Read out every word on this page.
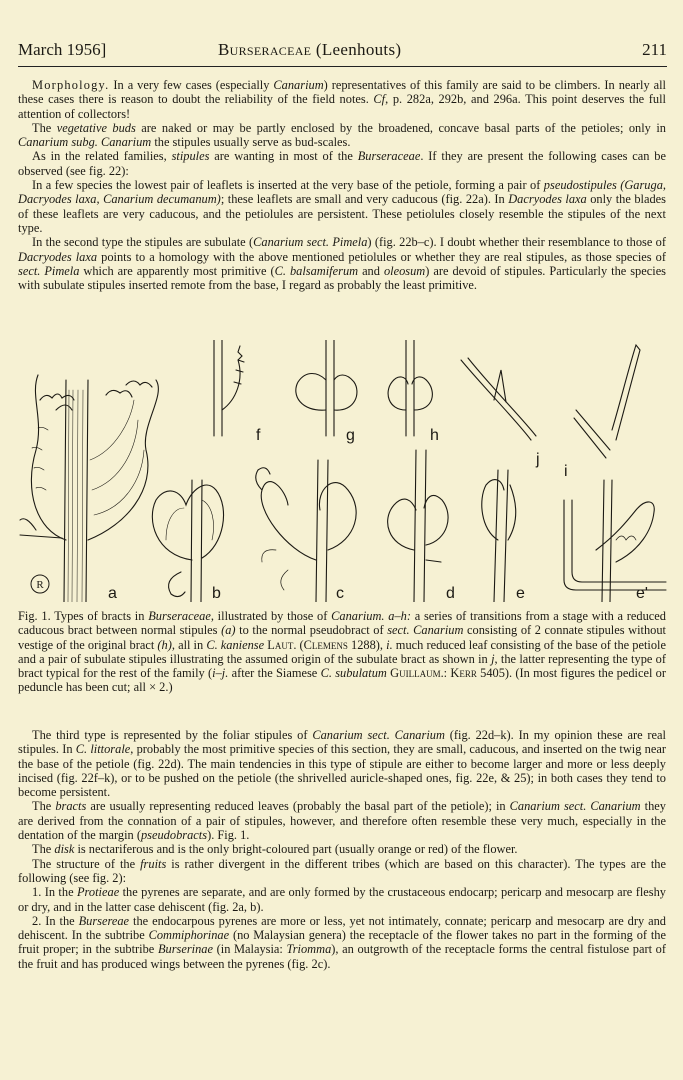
March 1956]	Burseraceae (Leenhouts)	211

Morphology. In a very few cases (especially Canarium) representatives of this family are said to be climbers. In nearly all these cases there is reason to doubt the reliability of the field notes. Cf, p. 282a, 292b, and 296a. This point deserves the full attention of collectors!

The vegetative buds are naked or may be partly enclosed by the broadened, concave basal parts of the petioles; only in Canarium subg. Canarium the stipules usually serve as bud-scales.

As in the related families, stipules are wanting in most of the Burseraceae. If they are present the following cases can be observed (see fig. 22):

In a few species the lowest pair of leaflets is inserted at the very base of the petiole, forming a pair of pseudostipules (Garuga, Dacryodes laxa, Canarium decumanum); these leaflets are small and very caducous (fig. 22a). In Dacryodes laxa only the blades of these leaflets are very caducous, and the petiolules are persistent. These petiolules closely resemble the stipules of the next type.

In the second type the stipules are subulate (Canarium sect. Pimela) (fig. 22b–c). I doubt whether their resemblance to those of Dacryodes laxa points to a homology with the above mentioned petiolules or whether they are real stipules, as those species of sect. Pimela which are apparently most primitive (C. balsamiferum and oleosum) are devoid of stipules. Particularly the species with subulate stipules inserted remote from the base, I regard as probably the least primitive.

R	a	b	c	d	e	e'
f	g	h
j
i
Fig. 1. Types of bracts in Burseraceae, illustrated by those of Canarium. a–h: a series of transitions from a stage with a reduced caducous bract between normal stipules (a) to the normal pseudobract of sect. Canarium consisting of 2 connate stipules without vestige of the original bract (h), all in C. kaniense Laut. (Clemens 1288), i. much reduced leaf consisting of the base of the petiole and a pair of subulate stipules illustrating the assumed origin of the subulate bract as shown in j, the latter representing the type of bract typical for the rest of the family (i–j. after the Siamese C. subulatum Guillaum.: Kerr 5405). (In most figures the pedicel or peduncle has been cut; all × 2.)

The third type is represented by the foliar stipules of Canarium sect. Canarium (fig. 22d–k). In my opinion these are real stipules. In C. littorale, probably the most primitive species of this section, they are small, caducous, and inserted on the twig near the base of the petiole (fig. 22d). The main tendencies in this type of stipule are either to become larger and more or less deeply incised (fig. 22f–k), or to be pushed on the petiole (the shrivelled auricle-shaped ones, fig. 22e, & 25); in both cases they tend to become persistent.

The bracts are usually representing reduced leaves (probably the basal part of the petiole); in Canarium sect. Canarium they are derived from the connation of a pair of stipules, however, and therefore often resemble these very much, especially in the dentation of the margin (pseudobracts). Fig. 1.

The disk is nectariferous and is the only bright-coloured part (usually orange or red) of the flower.

The structure of the fruits is rather divergent in the different tribes (which are based on this character). The types are the following (see fig. 2):

1. In the Protieae the pyrenes are separate, and are only formed by the crustaceous endocarp; pericarp and mesocarp are fleshy or dry, and in the latter case dehiscent (fig. 2a, b).

2. In the Bursereae the endocarpous pyrenes are more or less, yet not intimately, connate; pericarp and mesocarp are dry and dehiscent. In the subtribe Commiphorinae (no Malaysian genera) the receptacle of the flower takes no part in the forming of the fruit proper; in the subtribe Burserinae (in Malaysia: Triomma), an outgrowth of the receptacle forms the central fistulose part of the fruit and has produced wings between the pyrenes (fig. 2c).
